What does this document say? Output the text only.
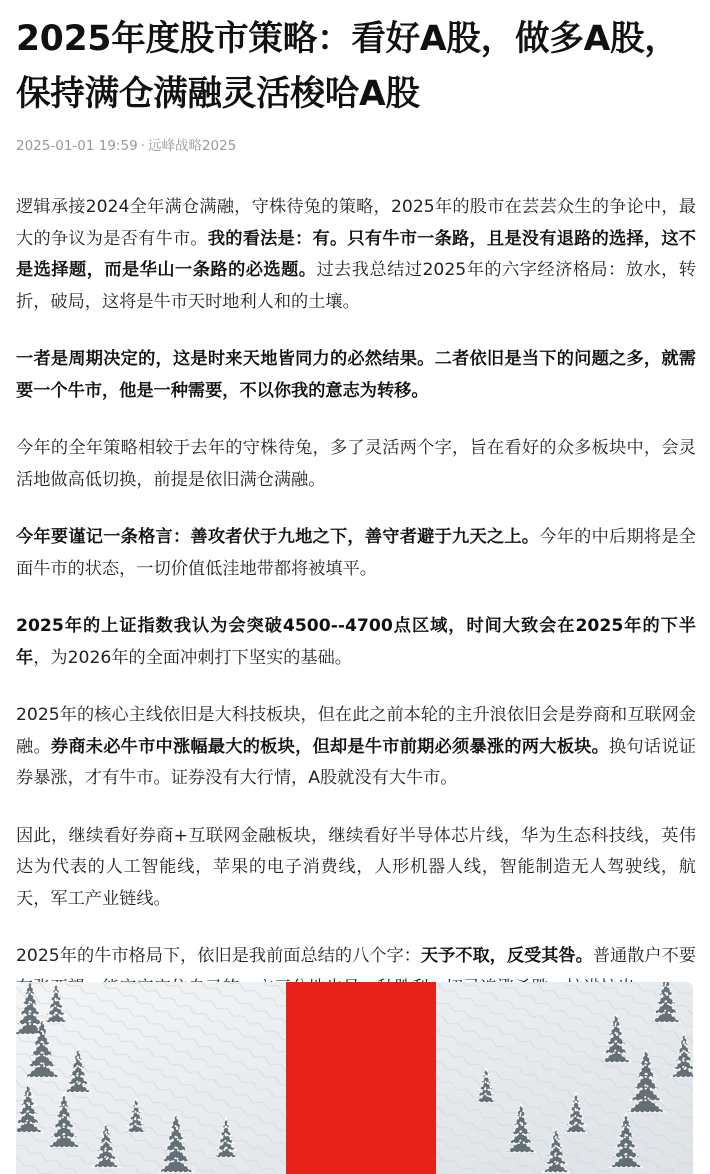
2025年度股市策略：看好A股，做多A股，保持满仓满融灵活梭哈A股
2025-01-01 19:59 · 远峰战略2025

逻辑承接2024全年满仓满融，守株待兔的策略，2025年的股市在芸芸众生的争论中，最大的争议为是否有牛市。我的看法是：有。只有牛市一条路，且是没有退路的选择，这不是选择题，而是华山一条路的必选题。过去我总结过2025年的六字经济格局：放水，转折，破局，这将是牛市天时地利人和的土壤。

一者是周期决定的，这是时来天地皆同力的必然结果。二者依旧是当下的问题之多，就需要一个牛市，他是一种需要，不以你我的意志为转移。

今年的全年策略相较于去年的守株待兔，多了灵活两个字，旨在看好的众多板块中，会灵活地做高低切换，前提是依旧满仓满融。

今年要谨记一条格言：善攻者伏于九地之下，善守者避于九天之上。今年的中后期将是全面牛市的状态，一切价值低洼地带都将被填平。

2025年的上证指数我认为会突破4500--4700点区域，时间大致会在2025年的下半年，为2026年的全面冲刺打下坚实的基础。

2025年的核心主线依旧是大科技板块，但在此之前本轮的主升浪依旧会是券商和互联网金融。券商未必牛市中涨幅最大的板块，但却是牛市前期必须暴涨的两大板块。换句话说证券暴涨，才有牛市。证券没有大行情，A股就没有大牛市。

因此，继续看好券商+互联网金融板块，继续看好半导体芯片线，华为生态科技线，英伟达为代表的人工智能线，苹果的电子消费线，人形机器人线，智能制造无人驾驶线，航天，军工产业链线。

2025年的牛市格局下，依旧是我前面总结的八个字：天予不取，反受其咎。普通散户不要
